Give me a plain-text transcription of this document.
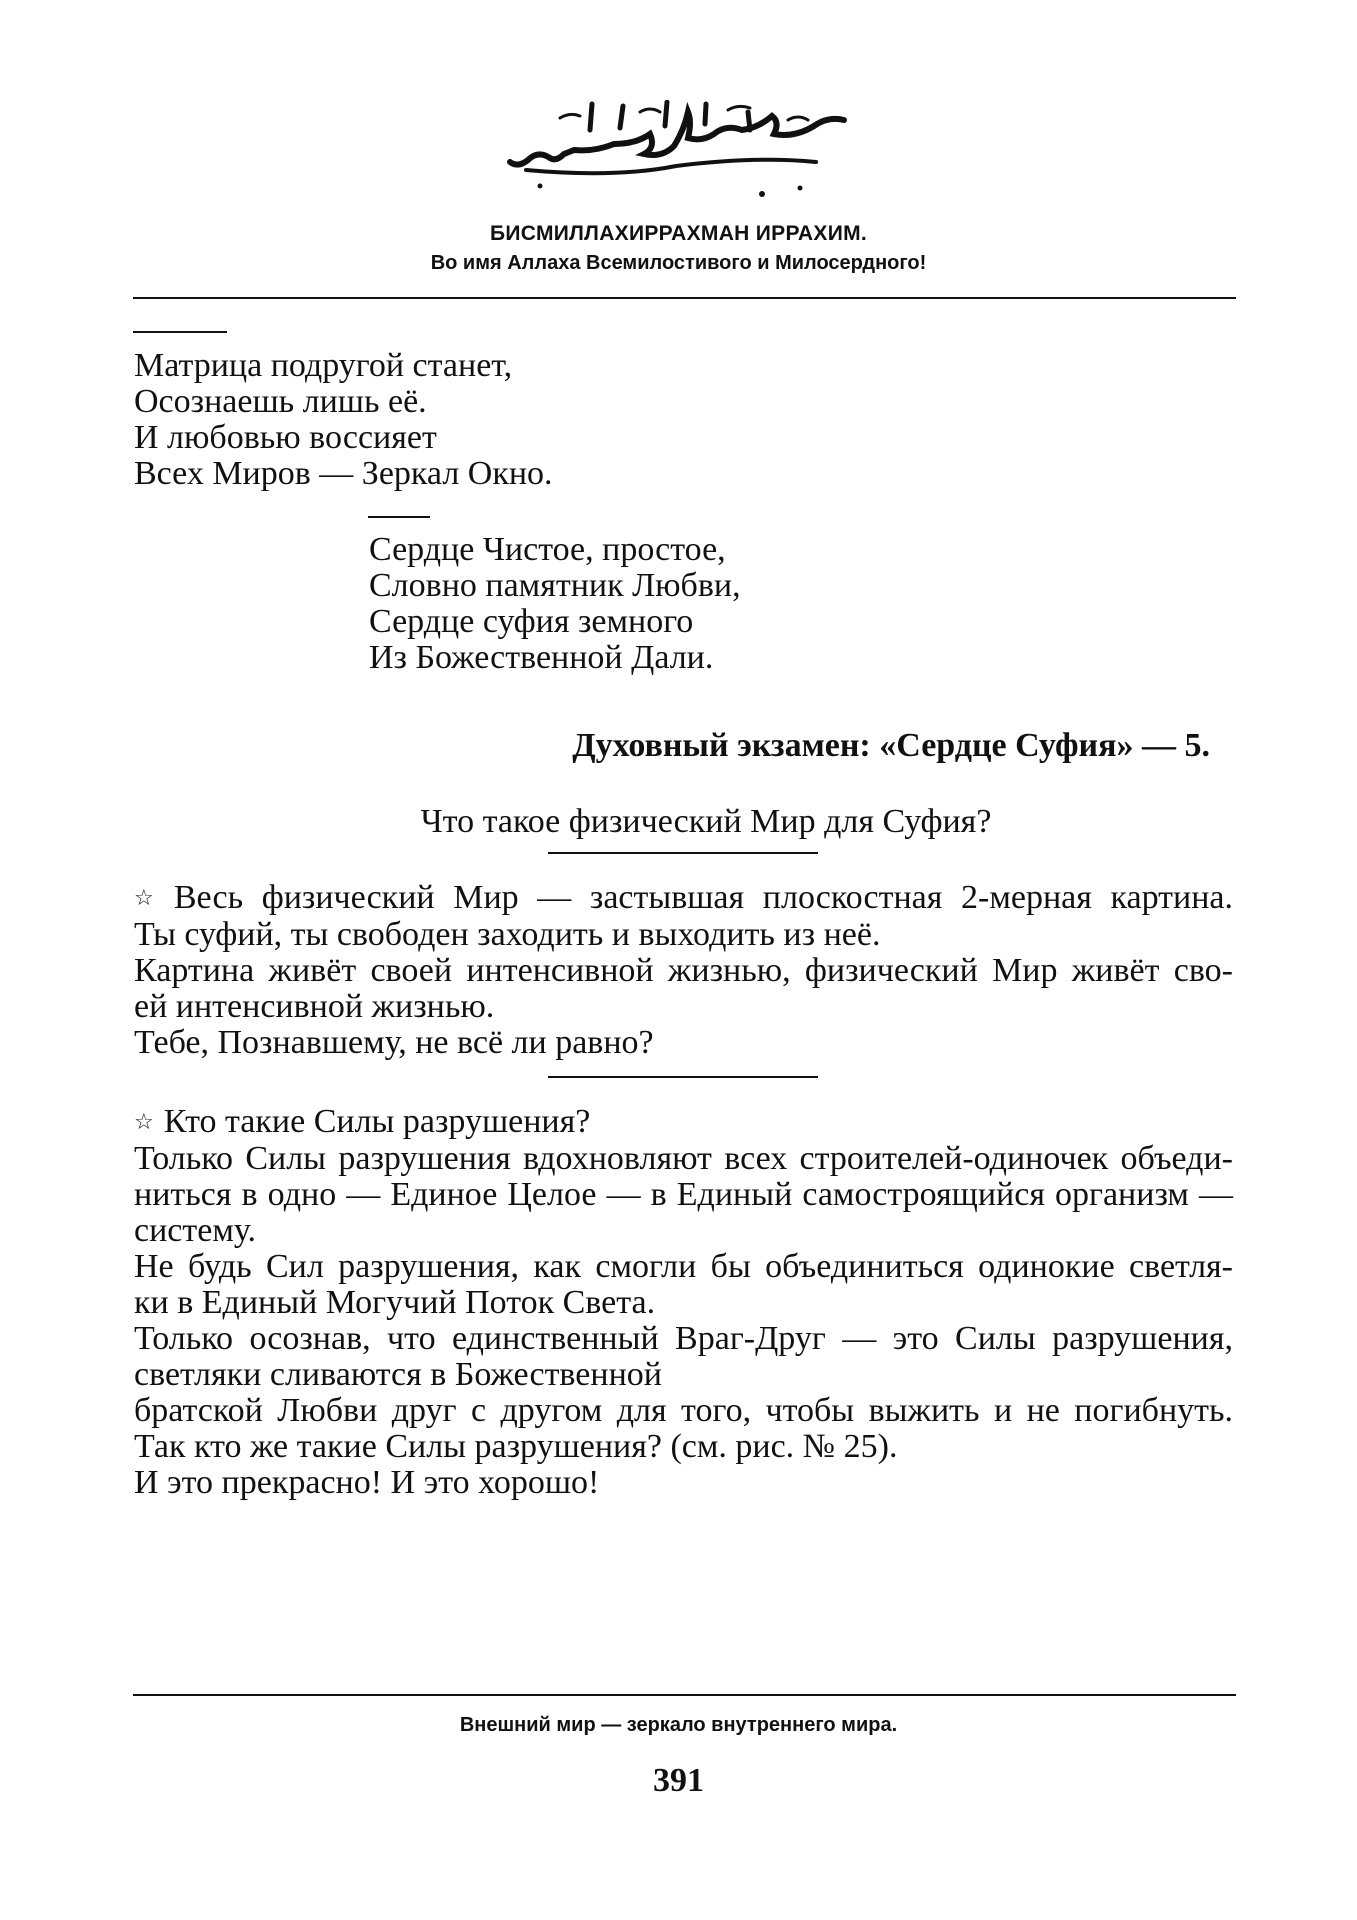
بِسْمِ اللهِ الرَّحْمٰنِ الرَّحِيمِ
БИСМИЛЛАХИРРАХМАН ИРРАХИМ.
Во имя Аллаха Всемилостивого и Милосердного!
Матрица подругой станет,
Осознаешь лишь её.
И любовью воссияет
Всех Миров — Зеркал Окно.
Сердце Чистое, простое,
Словно памятник Любви,
Сердце суфия земного
Из Божественной Дали.
Духовный экзамен: «Сердце Суфия» — 5.
Что такое физический Мир для Суфия?
☆ Весь физический Мир — застывшая плоскостная 2-мерная картина.
Ты суфий, ты свободен заходить и выходить из неё.
Картина живёт своей интенсивной жизнью, физический Мир живёт сво-
ей интенсивной жизнью.
Тебе, Познавшему, не всё ли равно?
☆ Кто такие Силы разрушения?
Только Силы разрушения вдохновляют всех строителей-одиночек объеди-
ниться в одно — Единое Целое — в Единый самостроящийся организм —
систему.
Не будь Сил разрушения, как смогли бы объединиться одинокие светля-
ки в Единый Могучий Поток Света.
Только осознав, что единственный Враг-Друг — это Силы разрушения,
светляки сливаются в Божественной
братской Любви друг с другом для того, чтобы выжить и не погибнуть.
Так кто же такие Силы разрушения? (см. рис. № 25).
И это прекрасно! И это хорошо!
Внешний мир — зеркало внутреннего мира.
391
